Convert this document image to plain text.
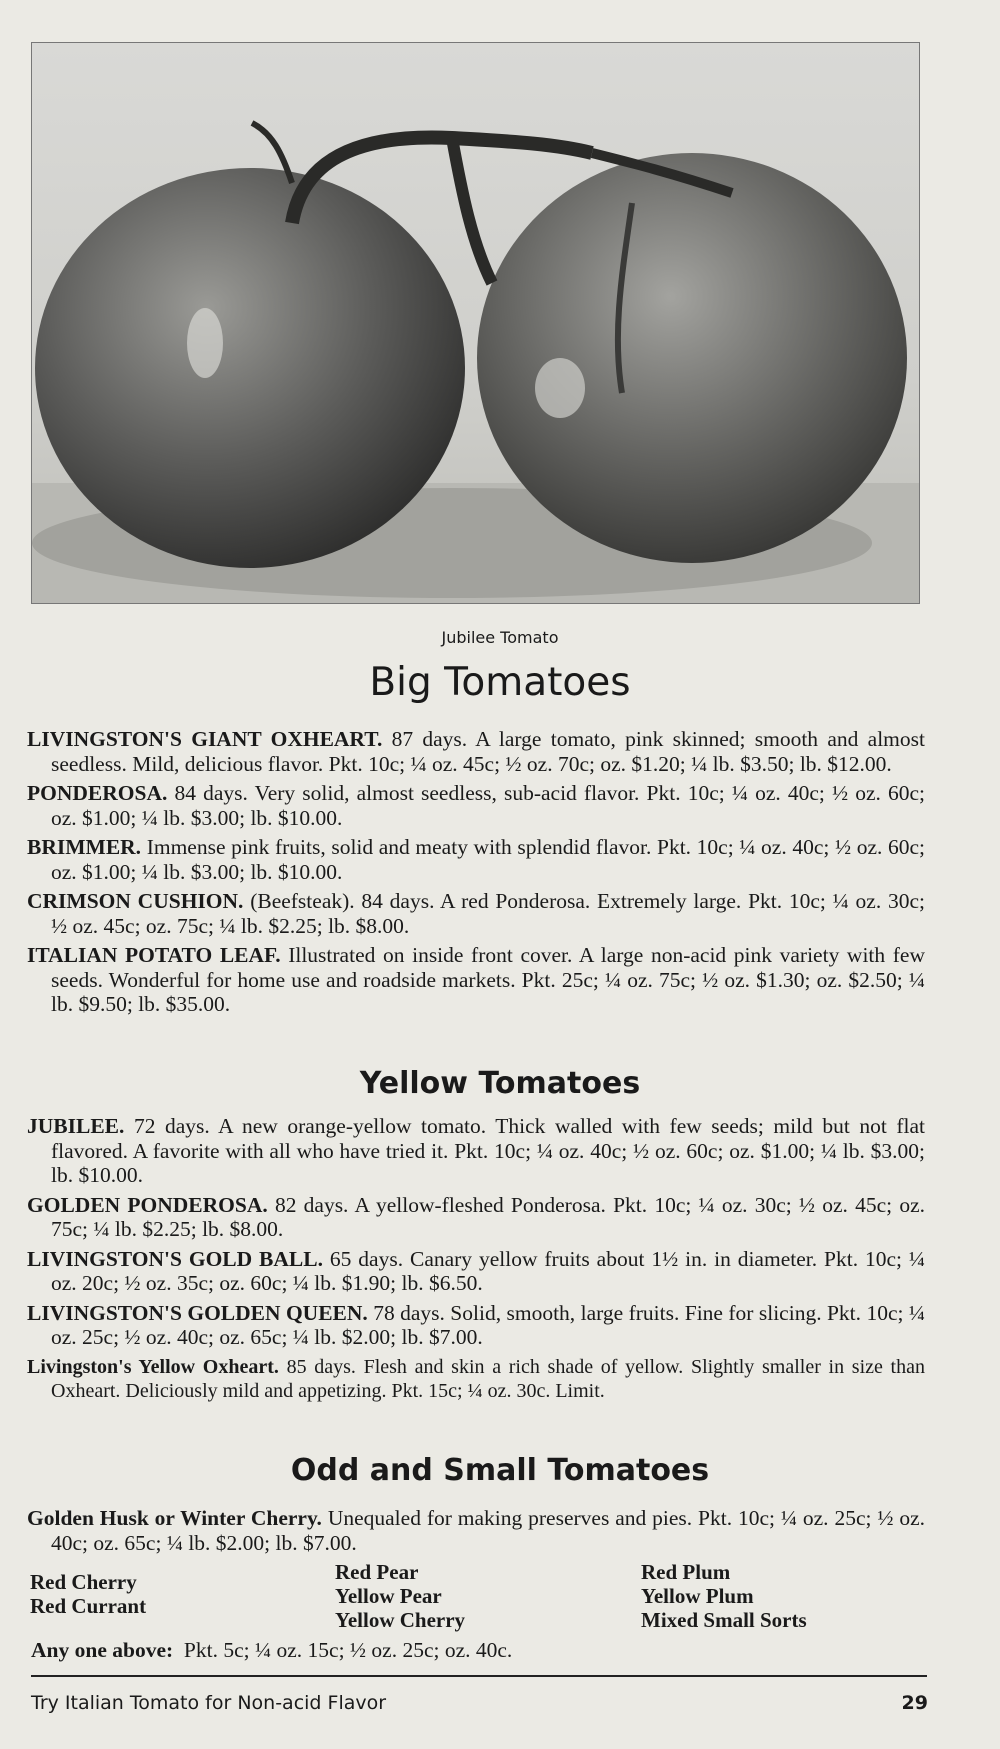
Jubilee Tomato
Big Tomatoes

LIVINGSTON'S GIANT OXHEART. 87 days. A large tomato, pink skinned; smooth and almost seedless. Mild, delicious flavor. Pkt. 10c; ¼ oz. 45c; ½ oz. 70c; oz. $1.20; ¼ lb. $3.50; lb. $12.00.

PONDEROSA. 84 days. Very solid, almost seedless, sub-acid flavor. Pkt. 10c; ¼ oz. 40c; ½ oz. 60c; oz. $1.00; ¼ lb. $3.00; lb. $10.00.

BRIMMER. Immense pink fruits, solid and meaty with splendid flavor. Pkt. 10c; ¼ oz. 40c; ½ oz. 60c; oz. $1.00; ¼ lb. $3.00; lb. $10.00.

CRIMSON CUSHION. (Beefsteak). 84 days. A red Ponderosa. Extremely large. Pkt. 10c; ¼ oz. 30c; ½ oz. 45c; oz. 75c; ¼ lb. $2.25; lb. $8.00.

ITALIAN POTATO LEAF. Illustrated on inside front cover. A large non-acid pink variety with few seeds. Wonderful for home use and roadside markets. Pkt. 25c; ¼ oz. 75c; ½ oz. $1.30; oz. $2.50; ¼ lb. $9.50; lb. $35.00.

Yellow Tomatoes

JUBILEE. 72 days. A new orange-yellow tomato. Thick walled with few seeds; mild but not flat flavored. A favorite with all who have tried it. Pkt. 10c; ¼ oz. 40c; ½ oz. 60c; oz. $1.00; ¼ lb. $3.00; lb. $10.00.

GOLDEN PONDEROSA. 82 days. A yellow-fleshed Ponderosa. Pkt. 10c; ¼ oz. 30c; ½ oz. 45c; oz. 75c; ¼ lb. $2.25; lb. $8.00.

LIVINGSTON'S GOLD BALL. 65 days. Canary yellow fruits about 1½ in. in diameter. Pkt. 10c; ¼ oz. 20c; ½ oz. 35c; oz. 60c; ¼ lb. $1.90; lb. $6.50.

LIVINGSTON'S GOLDEN QUEEN. 78 days. Solid, smooth, large fruits. Fine for slicing. Pkt. 10c; ¼ oz. 25c; ½ oz. 40c; oz. 65c; ¼ lb. $2.00; lb. $7.00.

Livingston's Yellow Oxheart. 85 days. Flesh and skin a rich shade of yellow. Slightly smaller in size than Oxheart. Deliciously mild and appetizing. Pkt. 15c; ¼ oz. 30c. Limit.

Odd and Small Tomatoes

Golden Husk or Winter Cherry. Unequaled for making preserves and pies. Pkt. 10c; ¼ oz. 25c; ½ oz. 40c; oz. 65c; ¼ lb. $2.00; lb. $7.00.

Red Cherry
Red Currant
Red Pear
Yellow Pear
Yellow Cherry
Red Plum
Yellow Plum
Mixed Small Sorts
Any one above: Pkt. 5c; ¼ oz. 15c; ½ oz. 25c; oz. 40c.
Try Italian Tomato for Non-acid Flavor	29
